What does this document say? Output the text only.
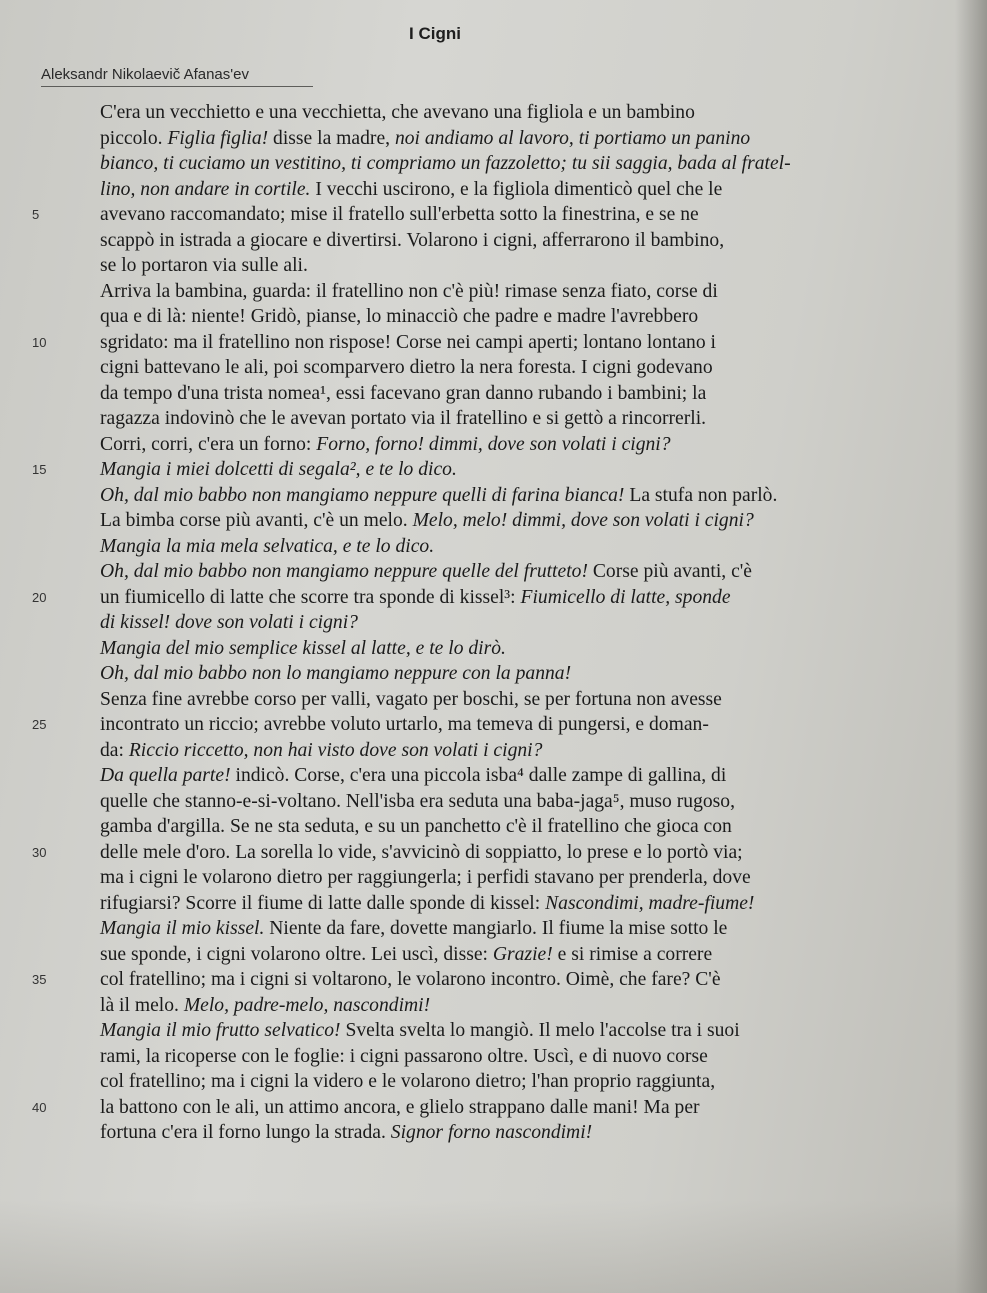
I Cigni
Aleksandr Nikolaevič Afanas'ev
C'era un vecchietto e una vecchietta, che avevano una figliola e un bambino
piccolo. Figlia figlia! disse la madre, noi andiamo al lavoro, ti portiamo un panino
bianco, ti cuciamo un vestitino, ti compriamo un fazzoletto; tu sii saggia, bada al fratel-
lino, non andare in cortile. I vecchi uscirono, e la figliola dimenticò quel che le
5	avevano raccomandato; mise il fratello sull'erbetta sotto la finestrina, e se ne
scappò in istrada a giocare e divertirsi. Volarono i cigni, afferrarono il bambino,
se lo portaron via sulle ali.
Arriva la bambina, guarda: il fratellino non c'è più! rimase senza fiato, corse di
qua e di là: niente! Gridò, pianse, lo minacciò che padre e madre l'avrebbero
10	sgridato: ma il fratellino non rispose! Corse nei campi aperti; lontano lontano i
cigni battevano le ali, poi scomparvero dietro la nera foresta. I cigni godevano
da tempo d'una trista nomea¹, essi facevano gran danno rubando i bambini; la
ragazza indovinò che le avevan portato via il fratellino e si gettò a rincorrerli.
Corri, corri, c'era un forno: Forno, forno! dimmi, dove son volati i cigni?
15	Mangia i miei dolcetti di segala², e te lo dico.
Oh, dal mio babbo non mangiamo neppure quelli di farina bianca! La stufa non parlò.
La bimba corse più avanti, c'è un melo. Melo, melo! dimmi, dove son volati i cigni?
Mangia la mia mela selvatica, e te lo dico.
Oh, dal mio babbo non mangiamo neppure quelle del frutteto! Corse più avanti, c'è
20	un fiumicello di latte che scorre tra sponde di kissel³: Fiumicello di latte, sponde
di kissel! dove son volati i cigni?
Mangia del mio semplice kissel al latte, e te lo dirò.
Oh, dal mio babbo non lo mangiamo neppure con la panna!
Senza fine avrebbe corso per valli, vagato per boschi, se per fortuna non avesse
25	incontrato un riccio; avrebbe voluto urtarlo, ma temeva di pungersi, e doman-
da: Riccio riccetto, non hai visto dove son volati i cigni?
Da quella parte! indicò. Corse, c'era una piccola isba⁴ dalle zampe di gallina, di
quelle che stanno-e-si-voltano. Nell'isba era seduta una baba-jaga⁵, muso rugoso,
gamba d'argilla. Se ne sta seduta, e su un panchetto c'è il fratellino che gioca con
30	delle mele d'oro. La sorella lo vide, s'avvicinò di soppiatto, lo prese e lo portò via;
ma i cigni le volarono dietro per raggiungerla; i perfidi stavano per prenderla, dove
rifugiarsi? Scorre il fiume di latte dalle sponde di kissel: Nascondimi, madre-fiume!
Mangia il mio kissel. Niente da fare, dovette mangiarlo. Il fiume la mise sotto le
sue sponde, i cigni volarono oltre. Lei uscì, disse: Grazie! e si rimise a correre
35	col fratellino; ma i cigni si voltarono, le volarono incontro. Oimè, che fare? C'è
là il melo. Melo, padre-melo, nascondimi!
Mangia il mio frutto selvatico! Svelta svelta lo mangiò. Il melo l'accolse tra i suoi
rami, la ricoperse con le foglie: i cigni passarono oltre. Uscì, e di nuovo corse
col fratellino; ma i cigni la videro e le volarono dietro; l'han proprio raggiunta,
40	la battono con le ali, un attimo ancora, e glielo strappano dalle mani! Ma per
fortuna c'era il forno lungo la strada. Signor forno nascondimi!
